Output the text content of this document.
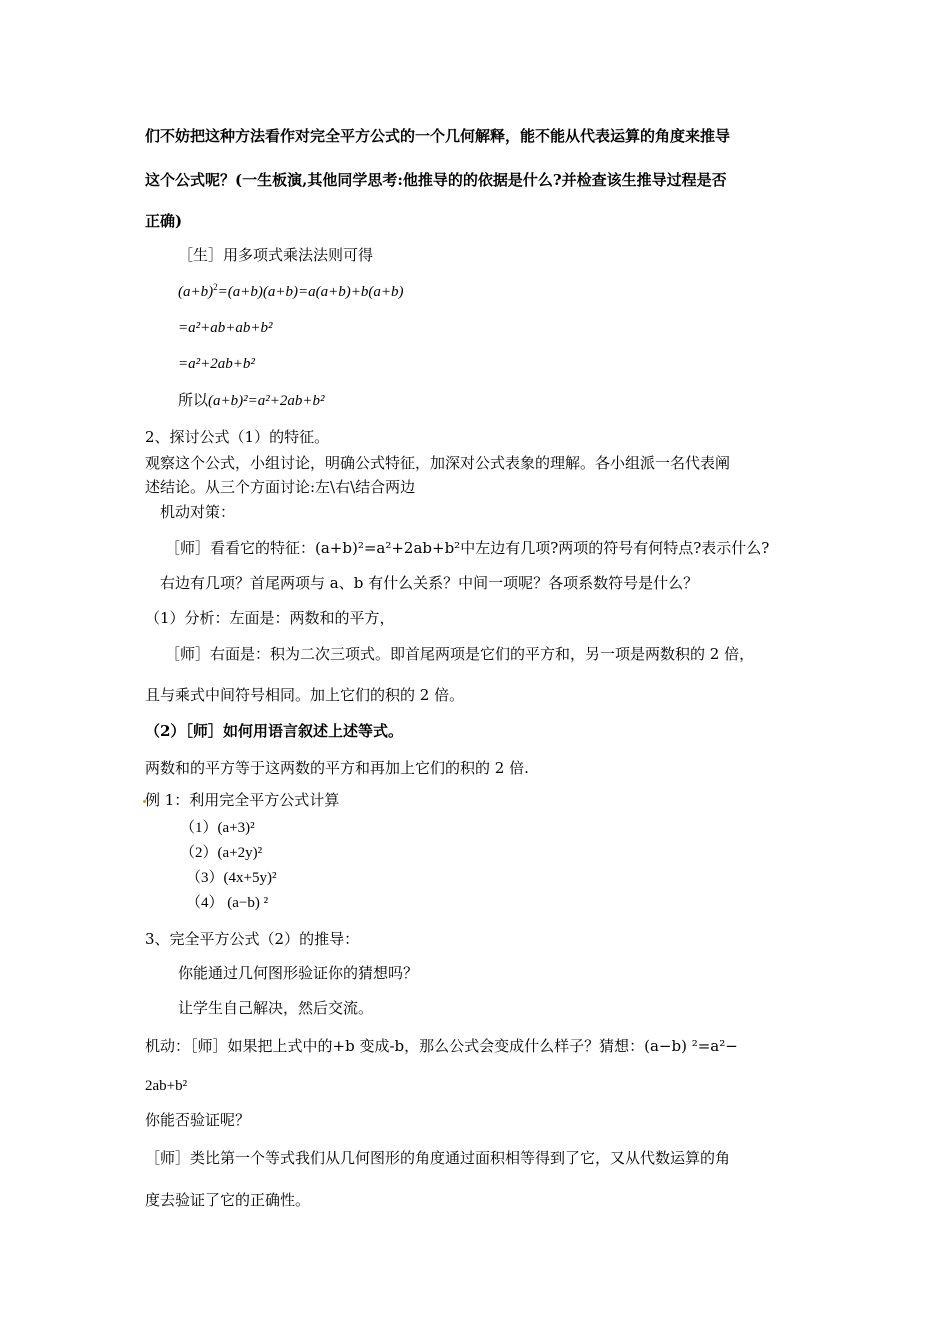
们不妨把这种方法看作对完全平方公式的一个几何解释，能不能从代表运算的角度来推导
这个公式呢？(一生板演,其他同学思考:他推导的的依据是什么?并检查该生推导过程是否
正确)
［生］用多项式乘法法则可得
$(a+b)^2=(a+b)(a+b)=a(a+b)+b(a+b)$
=a²+ab+ab+b²
=a²+2ab+b²
所以(a+b)²=a²+2ab+b²
2、探讨公式（1）的特征。
观察这个公式，小组讨论，明确公式特征，加深对公式表象的理解。各小组派一名代表阐
述结论。从三个方面讨论:左\右\结合两边
机动对策：
［师］看看它的特征：(a+b)²=a²+2ab+b²中左边有几项?两项的符号有何特点?表示什么?
右边有几项？首尾两项与 a、b 有什么关系？中间一项呢？各项系数符号是什么？
（1）分析：左面是：两数和的平方，
［师］右面是：积为二次三项式。即首尾两项是它们的平方和，另一项是两数积的 2 倍，
且与乘式中间符号相同。加上它们的积的 2 倍。
（2）［师］如何用语言叙述上述等式。
两数和的平方等于这两数的平方和再加上它们的积的 2 倍.
例 1：利用完全平方公式计算
（1）(a+3)²
（2）(a+2y)²
（3）(4x+5y)²
（4） (a−b) ²
3、完全平方公式（2）的推导：
你能通过几何图形验证你的猜想吗？
让学生自己解决，然后交流。
机动：［师］如果把上式中的+b 变成-b，那么公式会变成什么样子？猜想：(a−b) ²=a²−
2ab+b²
你能否验证呢？
［师］类比第一个等式我们从几何图形的角度通过面积相等得到了它，又从代数运算的角
度去验证了它的正确性。
